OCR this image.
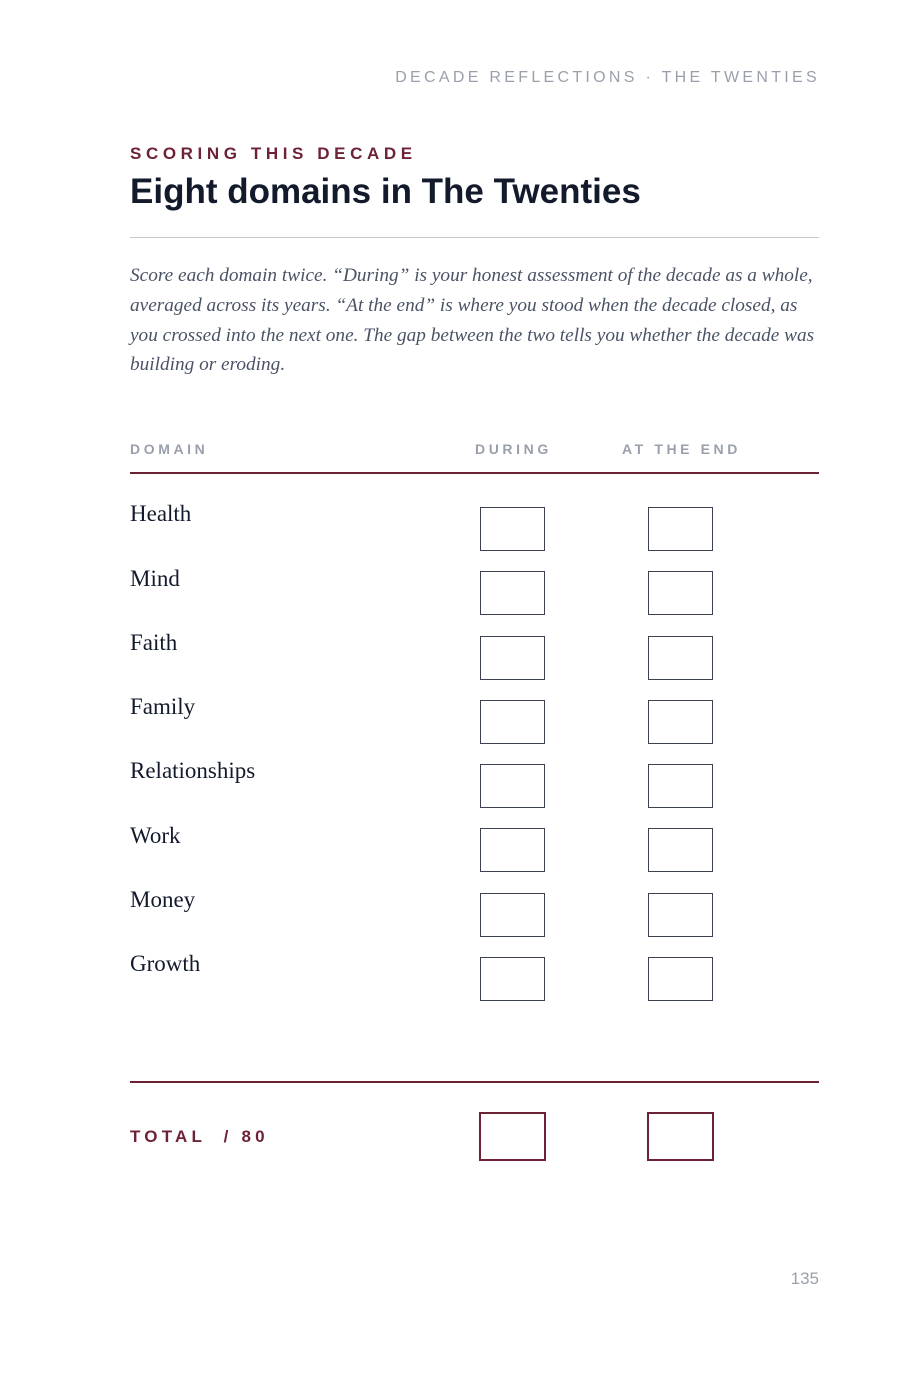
DECADE REFLECTIONS · THE TWENTIES
SCORING THIS DECADE
Eight domains in The Twenties

Score each domain twice. “During” is your honest assessment of the decade as a whole, averaged across its years. “At the end” is where you stood when the decade closed, as you crossed into the next one. The gap between the two tells you whether the decade was building or eroding.

DOMAIN	DURING	AT THE END
Health
Mind
Faith
Family
Relationships
Work
Money
Growth
TOTAL  / 80
135
